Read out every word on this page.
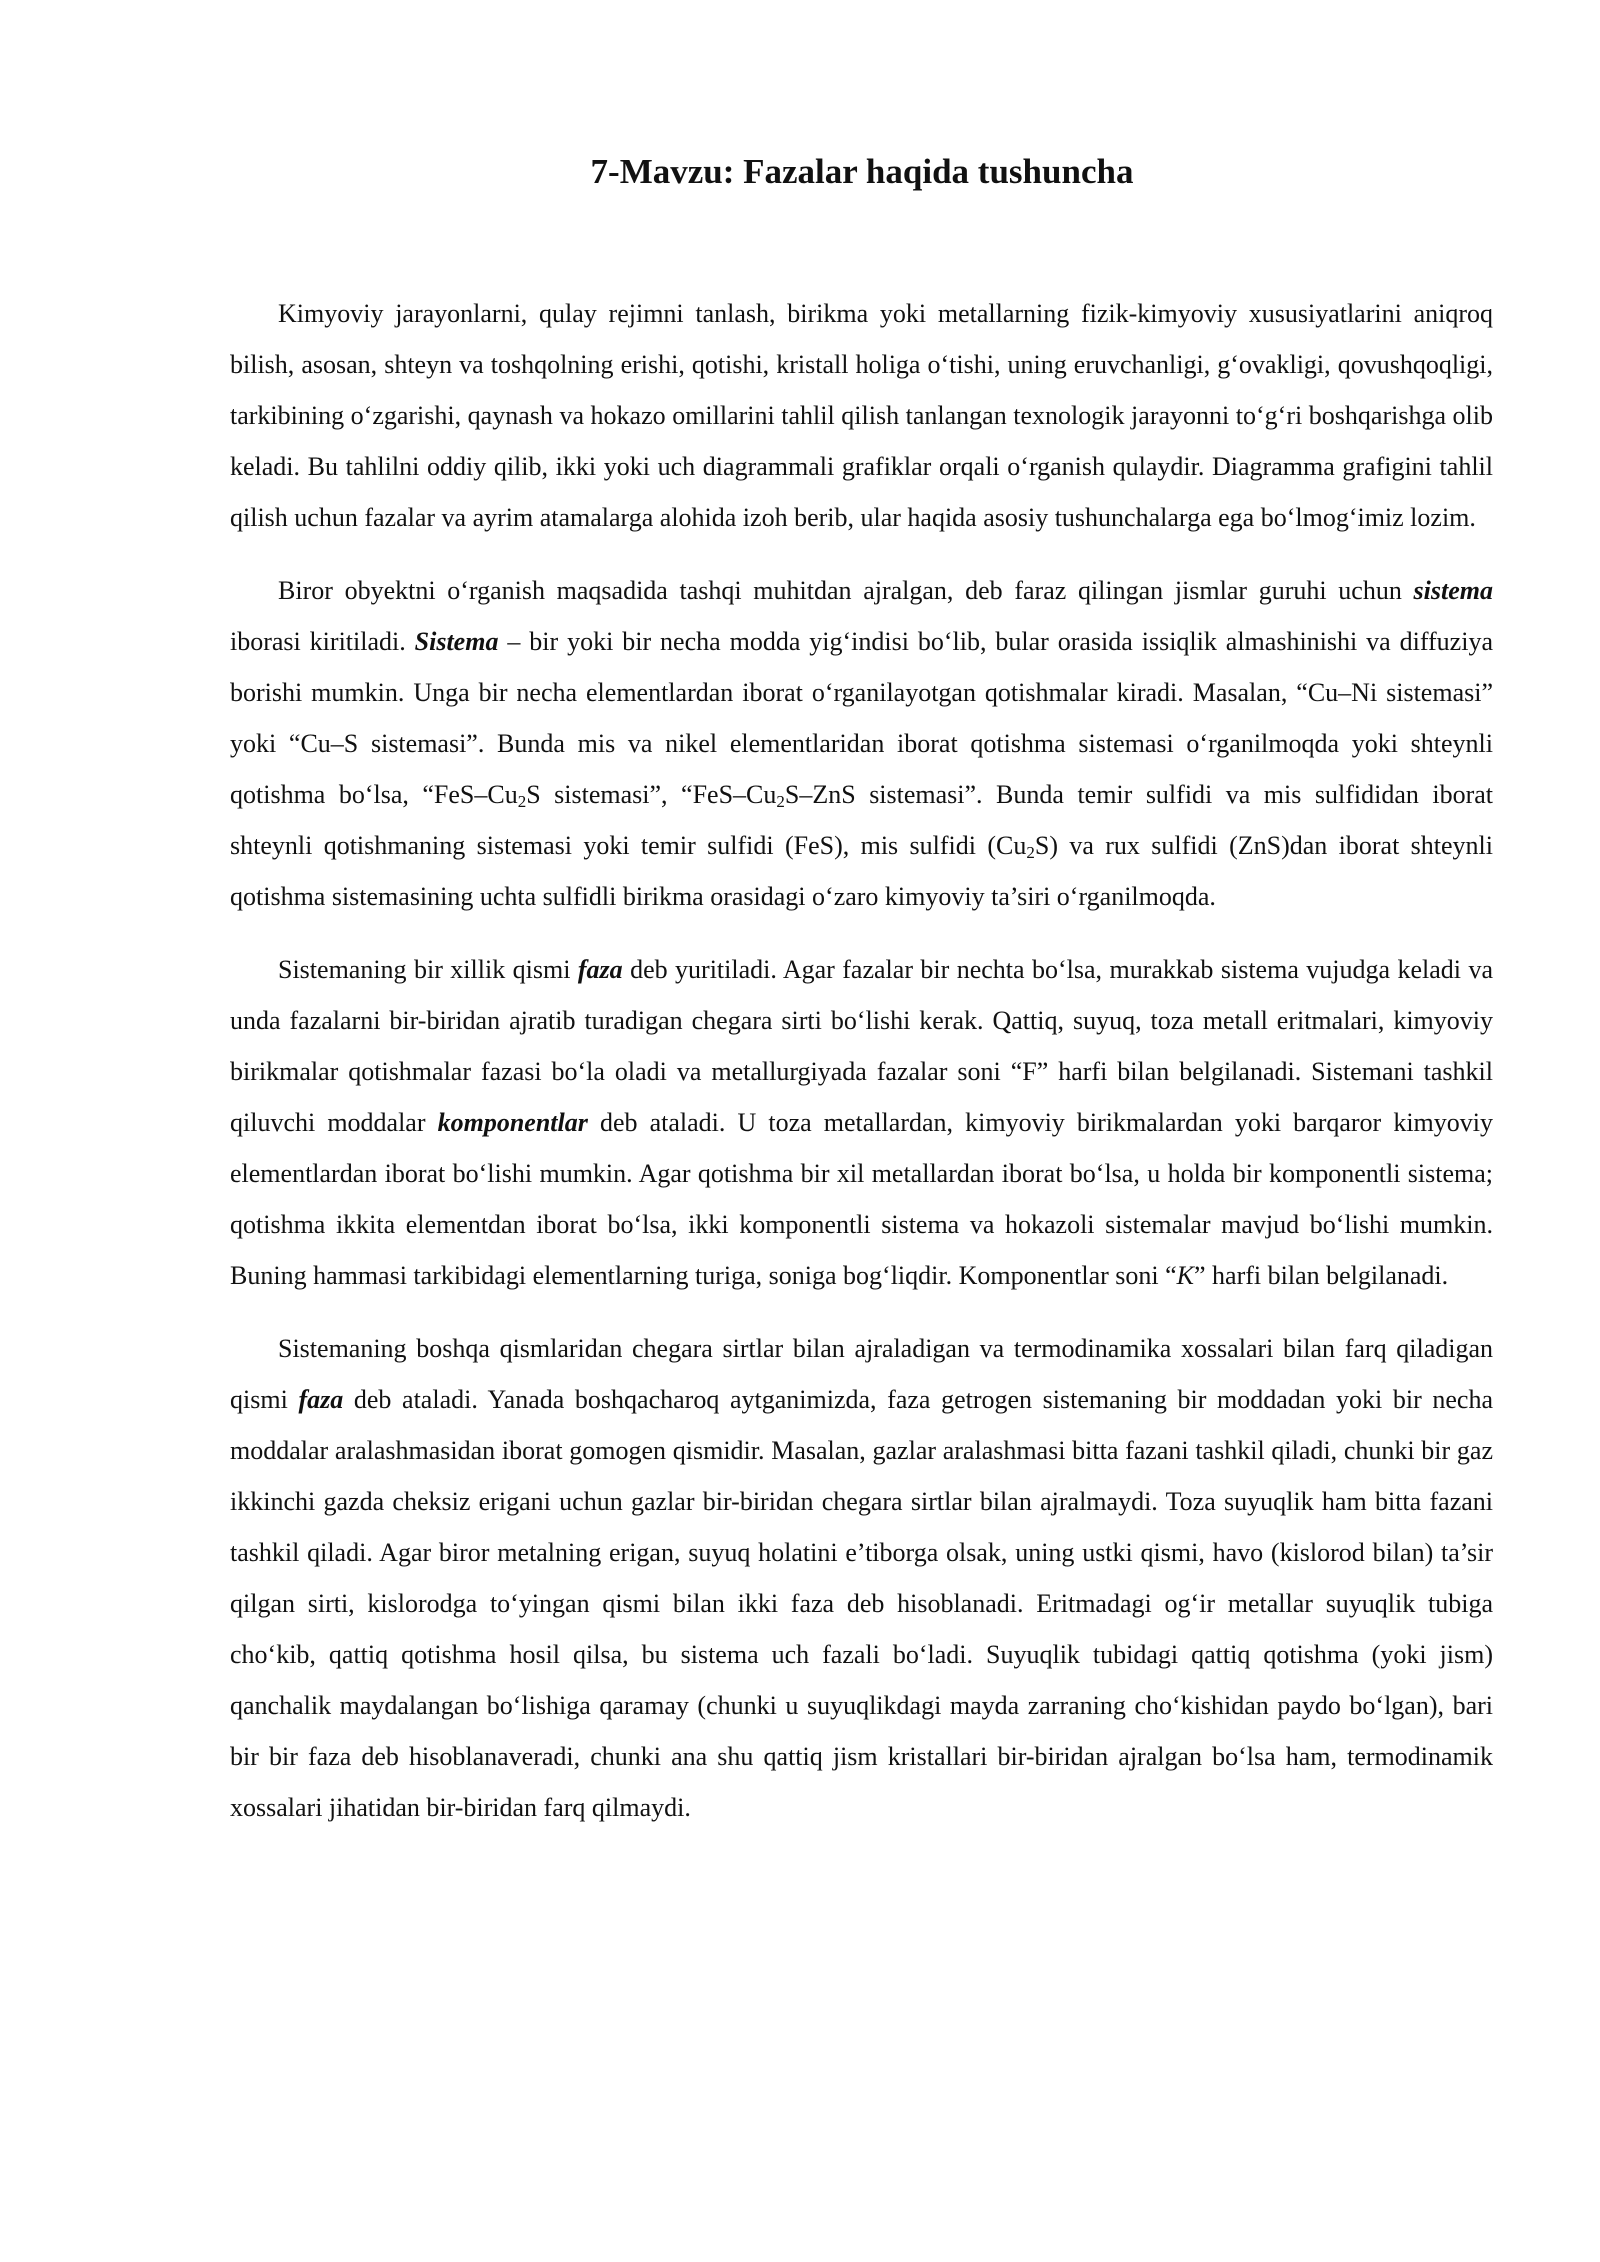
7-Mavzu: Fazalar haqida tushuncha

Kimyoviy jarayonlarni, qulay rejimni tanlash, birikma yoki metallarning fizik-kimyoviy xususiyatlarini aniqroq bilish, asosan, shteyn va toshqolning erishi, qotishi, kristall holiga oʻtishi, uning eruvchanligi, gʻovakligi, qovushqoqligi, tarkibining oʻzgarishi, qaynash va hokazo omillarini tahlil qilish tanlangan texnologik jarayonni toʻgʻri boshqarishga olib keladi. Bu tahlilni oddiy qilib, ikki yoki uch diagrammali grafiklar orqali oʻrganish qulaydir. Diagramma grafigini tahlil qilish uchun fazalar va ayrim atamalarga alohida izoh berib, ular haqida asosiy tushunchalarga ega boʻlmogʻimiz lozim.

Biror obyektni oʻrganish maqsadida tashqi muhitdan ajralgan, deb faraz qilingan jismlar guruhi uchun sistema iborasi kiritiladi. Sistema – bir yoki bir necha modda yigʻindisi boʻlib, bular orasida issiqlik almashinishi va diffuziya borishi mumkin. Unga bir necha elementlardan iborat oʻrganilayotgan qotishmalar kiradi. Masalan, “Cu–Ni sistemasi” yoki “Cu–S sistemasi”. Bunda mis va nikel elementlaridan iborat qotishma sistemasi oʻrganilmoqda yoki shteynli qotishma boʻlsa, “$FeS-Cu_2S$ sistemasi”, “$FeS-Cu_2S$–ZnS sistemasi”. Bunda temir sulfidi va mis sulfididan iborat shteynli qotishmaning sistemasi yoki temir sulfidi (FeS), mis sulfidi $(Cu_2S)$ va rux sulfidi (ZnS)dan iborat shteynli qotishma sistemasining uchta sulfidli birikma orasidagi oʻzaro kimyoviy ta’siri oʻrganilmoqda.

Sistemaning bir xillik qismi faza deb yuritiladi. Agar fazalar bir nechta boʻlsa, murakkab sistema vujudga keladi va unda fazalarni bir-biridan ajratib turadigan chegara sirti boʻlishi kerak. Qattiq, suyuq, toza metall eritmalari, kimyoviy birikmalar qotishmalar fazasi boʻla oladi va metallurgiyada fazalar soni “F” harfi bilan belgilanadi. Sistemani tashkil qiluvchi moddalar komponentlar deb ataladi. U toza metallardan, kimyoviy birikmalardan yoki barqaror kimyoviy elementlardan iborat boʻlishi mumkin. Agar qotishma bir xil metallardan iborat boʻlsa, u holda bir komponentli sistema; qotishma ikkita elementdan iborat boʻlsa, ikki komponentli sistema va hokazoli sistemalar mavjud boʻlishi mumkin. Buning hammasi tarkibidagi elementlarning turiga, soniga bogʻliqdir. Komponentlar soni “K” harfi bilan belgilanadi.

Sistemaning boshqa qismlaridan chegara sirtlar bilan ajraladigan va termodinamika xossalari bilan farq qiladigan qismi faza deb ataladi. Yanada boshqacharoq aytganimizda, faza getrogen sistemaning bir moddadan yoki bir necha moddalar aralashmasidan iborat gomogen qismidir. Masalan, gazlar aralashmasi bitta fazani tashkil qiladi, chunki bir gaz ikkinchi gazda cheksiz erigani uchun gazlar bir-biridan chegara sirtlar bilan ajralmaydi. Toza suyuqlik ham bitta fazani tashkil qiladi. Agar biror metalning erigan, suyuq holatini e’tiborga olsak, uning ustki qismi, havo (kislorod bilan) ta’sir qilgan sirti, kislorodga toʻyingan qismi bilan ikki faza deb hisoblanadi. Eritmadagi ogʻir metallar suyuqlik tubiga choʻkib, qattiq qotishma hosil qilsa, bu sistema uch fazali boʻladi. Suyuqlik tubidagi qattiq qotishma (yoki jism) qanchalik maydalangan boʻlishiga qaramay (chunki u suyuqlikdagi mayda zarraning choʻkishidan paydo boʻlgan), bari bir bir faza deb hisoblanaveradi, chunki ana shu qattiq jism kristallari bir-biridan ajralgan boʻlsa ham, termodinamik xossalari jihatidan bir-biridan farq qilmaydi.
